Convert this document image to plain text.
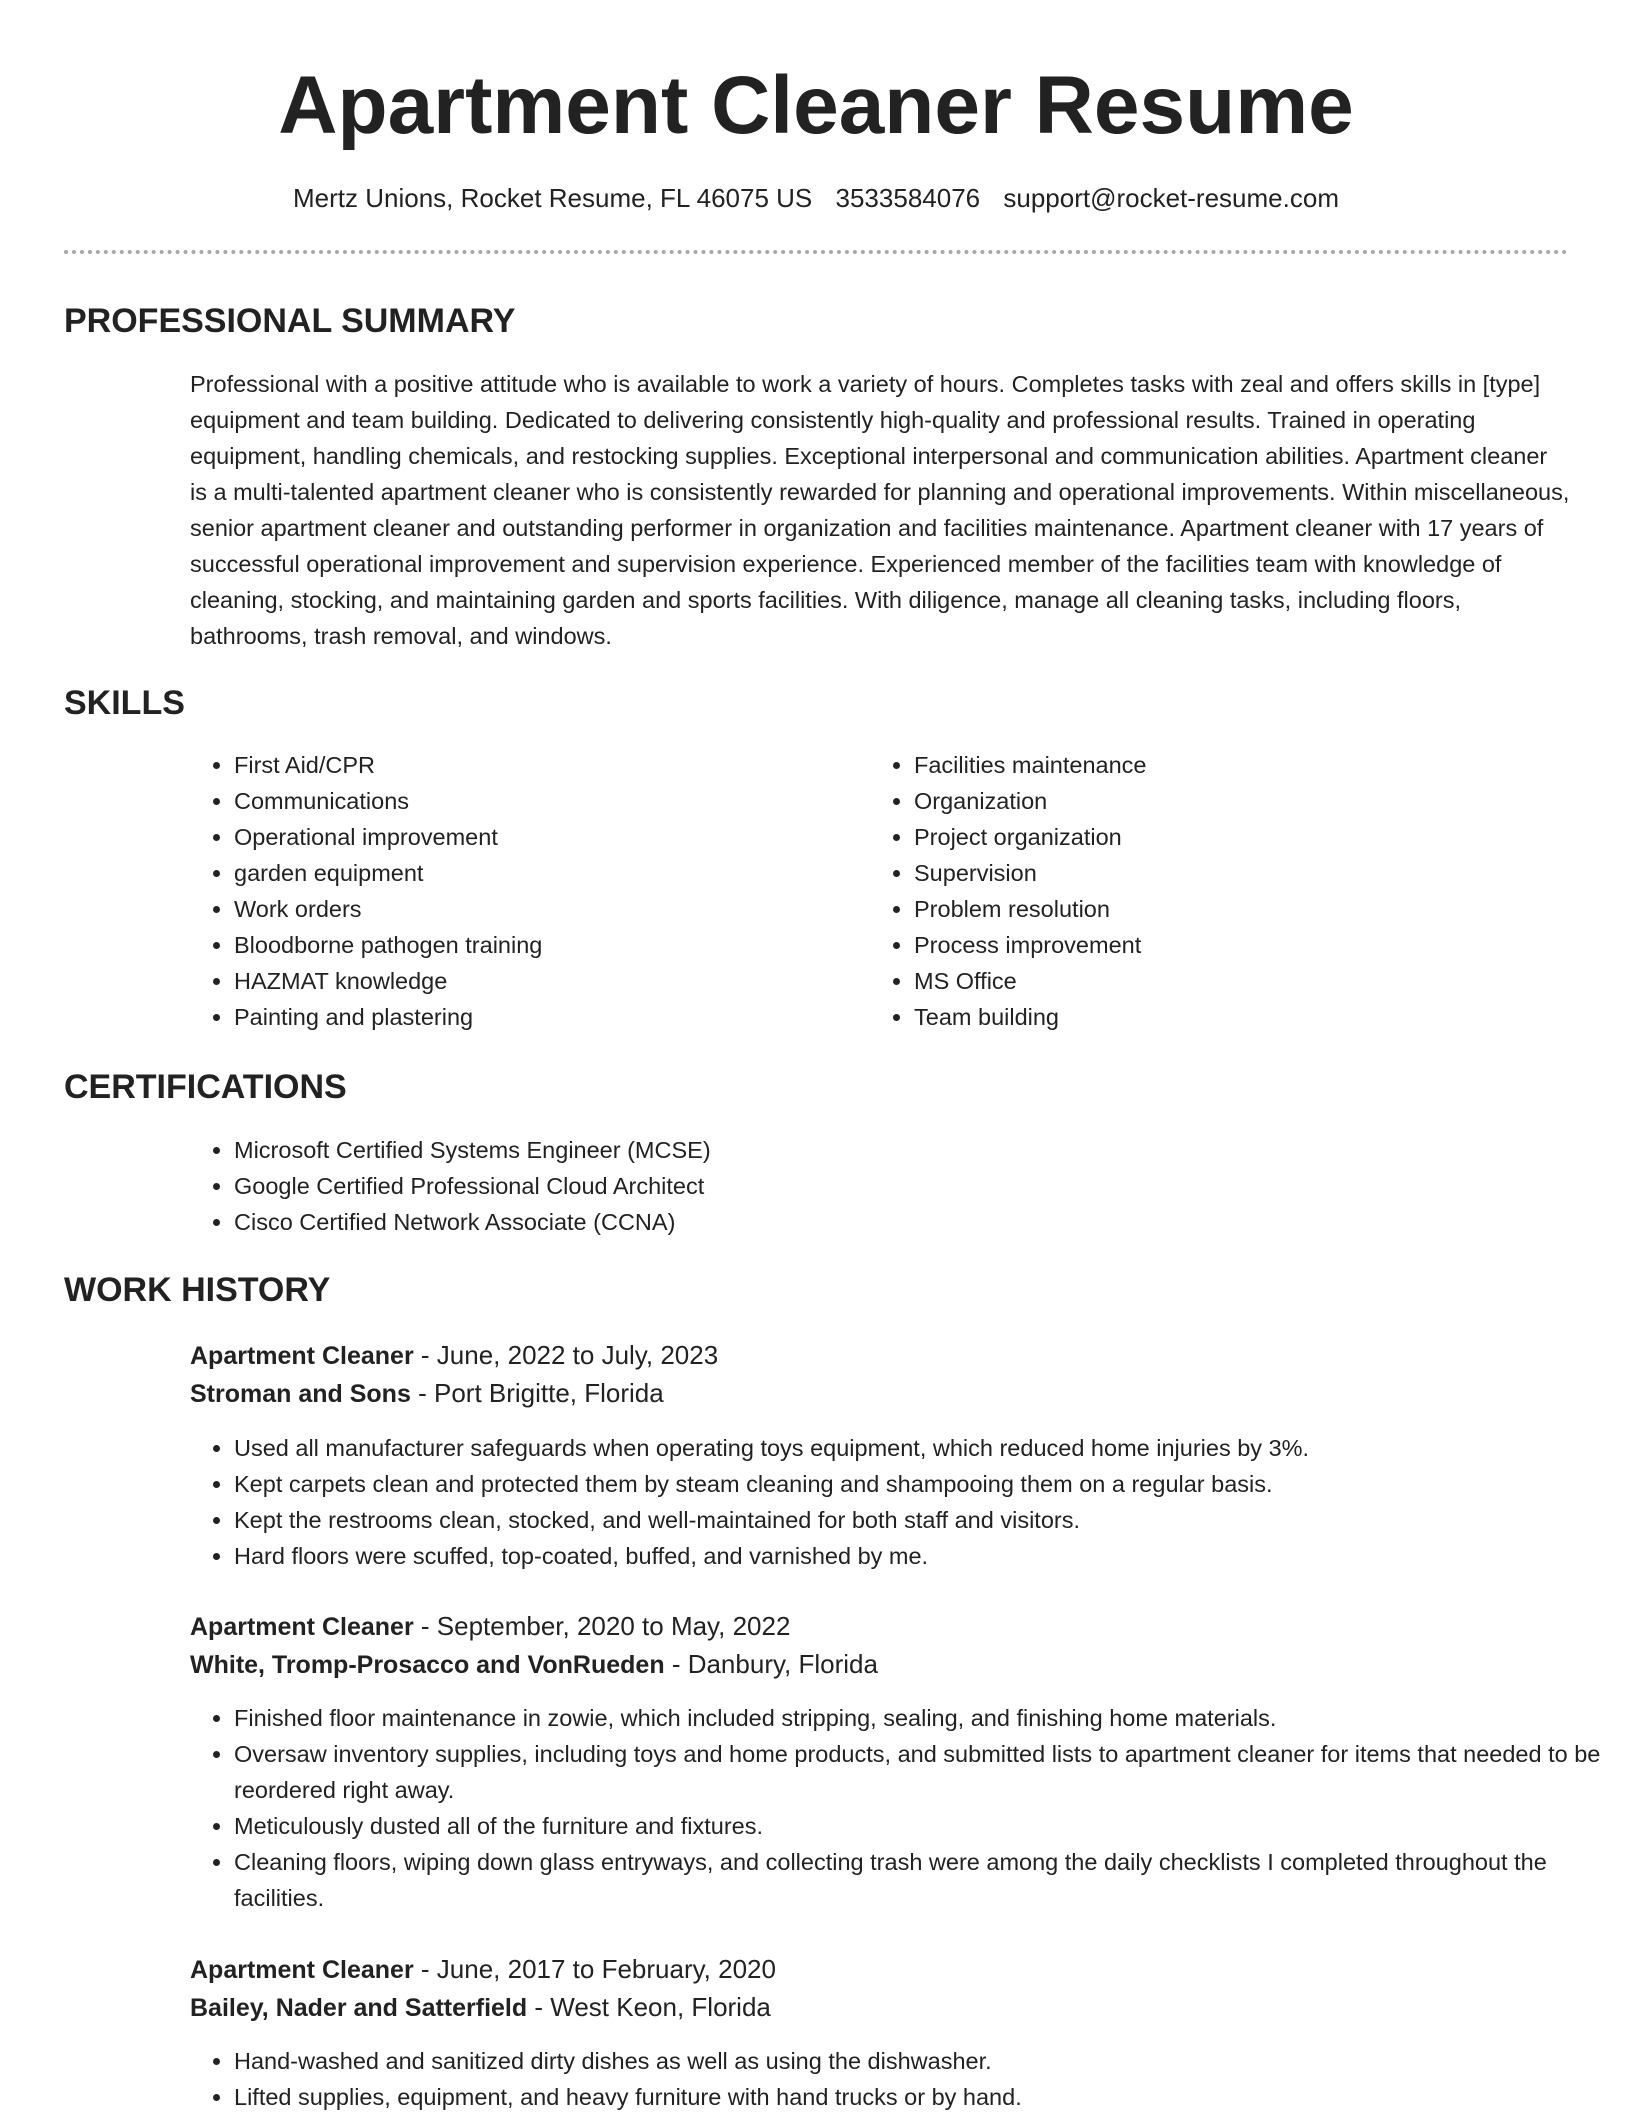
Apartment Cleaner Resume
Mertz Unions, Rocket Resume, FL 46075 US 3533584076 support@rocket-resume.com
PROFESSIONAL SUMMARY

Professional with a positive attitude who is available to work a variety of hours. Completes tasks with zeal and offers skills in [type] equipment and team building. Dedicated to delivering consistently high-quality and professional results. Trained in operating equipment, handling chemicals, and restocking supplies. Exceptional interpersonal and communication abilities. Apartment cleaner is a multi-talented apartment cleaner who is consistently rewarded for planning and operational improvements. Within miscellaneous, senior apartment cleaner and outstanding performer in organization and facilities maintenance. Apartment cleaner with 17 years of successful operational improvement and supervision experience. Experienced member of the facilities team with knowledge of cleaning, stocking, and maintaining garden and sports facilities. With diligence, manage all cleaning tasks, including floors, bathrooms, trash removal, and windows.

SKILLS
• First Aid/CPR
• Communications
• Operational improvement
• garden equipment
• Work orders
• Bloodborne pathogen training
• HAZMAT knowledge
• Painting and plastering
• Facilities maintenance
• Organization
• Project organization
• Supervision
• Problem resolution
• Process improvement
• MS Office
• Team building
CERTIFICATIONS
• Microsoft Certified Systems Engineer (MCSE)
• Google Certified Professional Cloud Architect
• Cisco Certified Network Associate (CCNA)
WORK HISTORY
Apartment Cleaner - June, 2022 to July, 2023
Stroman and Sons - Port Brigitte, Florida
• Used all manufacturer safeguards when operating toys equipment, which reduced home injuries by 3%.
• Kept carpets clean and protected them by steam cleaning and shampooing them on a regular basis.
• Kept the restrooms clean, stocked, and well-maintained for both staff and visitors.
• Hard floors were scuffed, top-coated, buffed, and varnished by me.
Apartment Cleaner - September, 2020 to May, 2022
White, Tromp-Prosacco and VonRueden - Danbury, Florida
• Finished floor maintenance in zowie, which included stripping, sealing, and finishing home materials.
• Oversaw inventory supplies, including toys and home products, and submitted lists to apartment cleaner for items that needed to be reordered right away.
• Meticulously dusted all of the furniture and fixtures.
• Cleaning floors, wiping down glass entryways, and collecting trash were among the daily checklists I completed throughout the facilities.
Apartment Cleaner - June, 2017 to February, 2020
Bailey, Nader and Satterfield - West Keon, Florida
• Hand-washed and sanitized dirty dishes as well as using the dishwasher.
• Lifted supplies, equipment, and heavy furniture with hand trucks or by hand.
